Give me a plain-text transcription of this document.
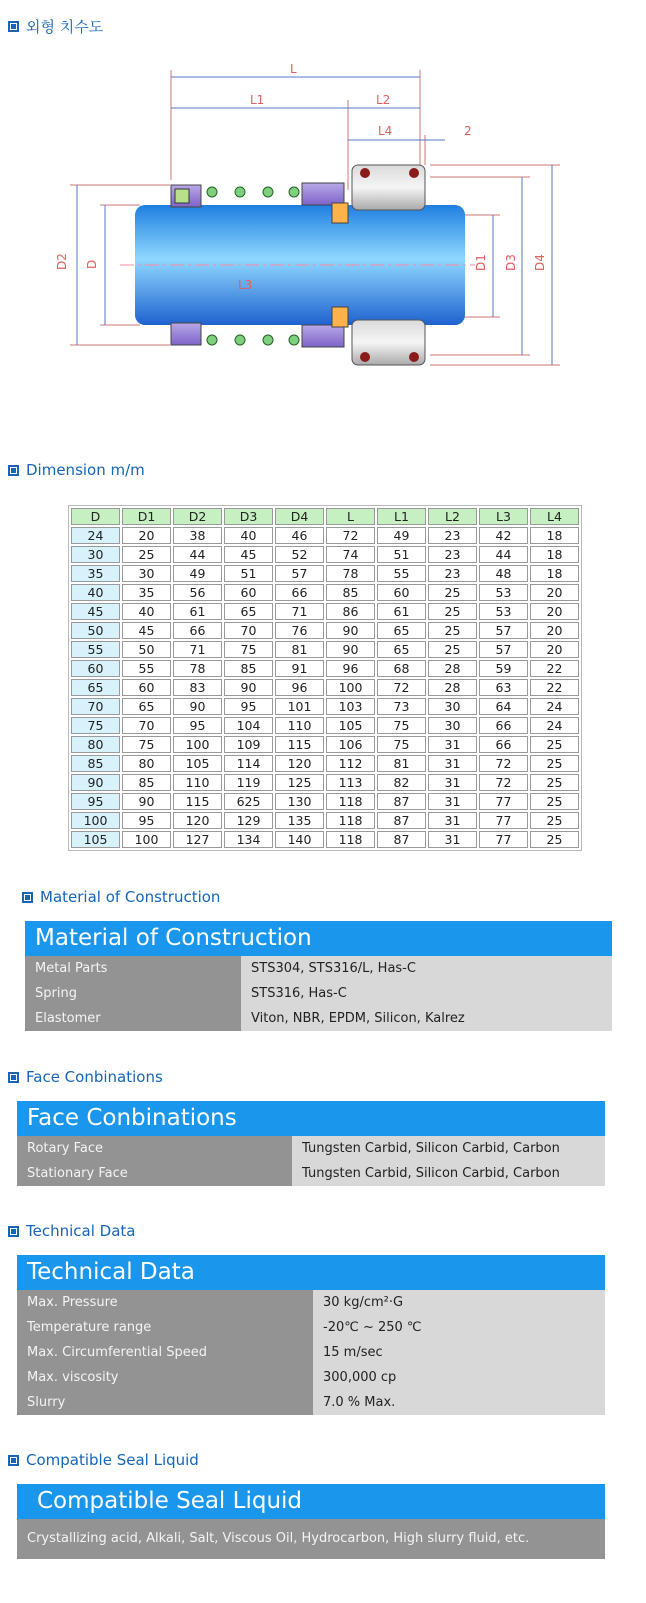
외형 치수도
L
L1	L2
L4	2
L3
D2 D	D1 D3 D4
Dimension m/m
D	D1	D2	D3	D4	L	L1	L2	L3	L4
24	20	38	40	46	72	49	23	42	18
30	25	44	45	52	74	51	23	44	18
35	30	49	51	57	78	55	23	48	18
40	35	56	60	66	85	60	25	53	20
45	40	61	65	71	86	61	25	53	20
50	45	66	70	76	90	65	25	57	20
55	50	71	75	81	90	65	25	57	20
60	55	78	85	91	96	68	28	59	22
65	60	83	90	96	100	72	28	63	22
70	65	90	95	101	103	73	30	64	24
75	70	95	104	110	105	75	30	66	24
80	75	100	109	115	106	75	31	66	25
85	80	105	114	120	112	81	31	72	25
90	85	110	119	125	113	82	31	72	25
95	90	115	625	130	118	87	31	77	25
100	95	120	129	135	118	87	31	77	25
105	100	127	134	140	118	87	31	77	25
Material of Construction
Material of Construction
Metal Parts	STS304, STS316/L, Has-C
Spring	STS316, Has-C
Elastomer	Viton, NBR, EPDM, Silicon, Kalrez
Face Conbinations
Face Conbinations
Rotary Face	Tungsten Carbid, Silicon Carbid, Carbon
Stationary Face	Tungsten Carbid, Silicon Carbid, Carbon
Technical Data
Technical Data
Max. Pressure	30 kg/cm²·G
Temperature range	-20℃ ~ 250 ℃
Max. Circumferential Speed	15 m/sec
Max. viscosity	300,000 cp
Slurry	7.0 % Max.
Compatible Seal Liquid
Compatible Seal Liquid
Crystallizing acid, Alkali, Salt, Viscous Oil, Hydrocarbon, High slurry fluid, etc.
